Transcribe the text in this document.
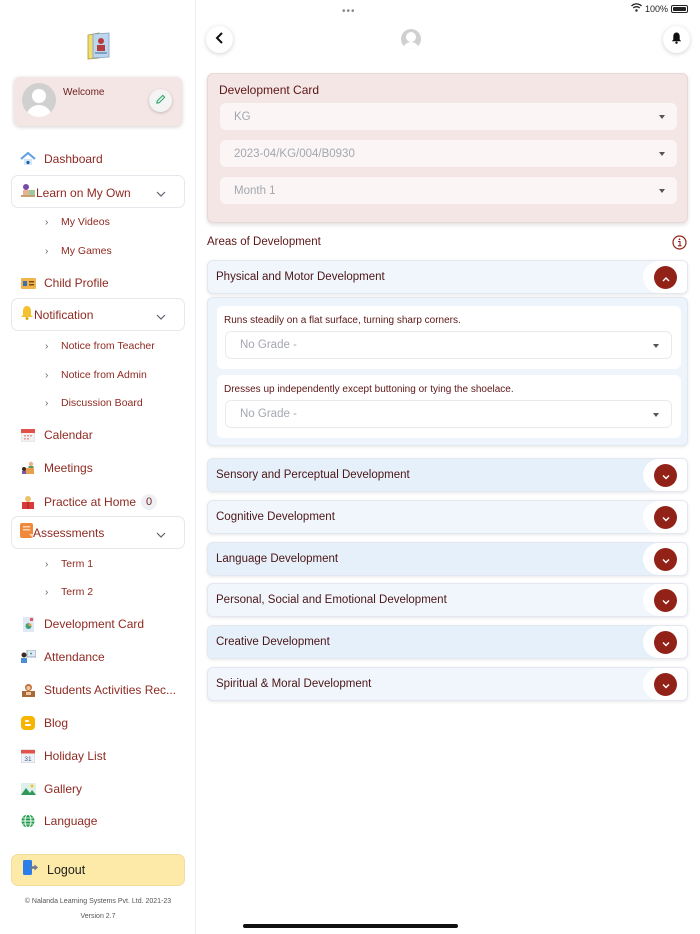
Welcome
Dashboard
Learn on My Own
›	My Videos
›	My Games
Child Profile
Notification
›	Notice from Teacher
›	Notice from Admin
›	Discussion Board
Calendar
Meetings
Practice at Home 0
Assessments
›	Term 1
›	Term 2
Development Card
Attendance
Students Activities Rec...
Blog
31 Holiday List
Gallery
Language
Logout
© Nalanda Learning Systems Pvt. Ltd. 2021-23
Version 2.7
•••	100%
Development Card
KG
2023-04/KG/004/B0930
Month 1
Areas of Development
Physical and Motor Development
Runs steadily on a flat surface, turning sharp corners.
No Grade -
Dresses up independently except buttoning or tying the shoelace.
No Grade -
Sensory and Perceptual Development
Cognitive Development
Language Development
Personal, Social and Emotional Development
Creative Development
Spiritual & Moral Development
